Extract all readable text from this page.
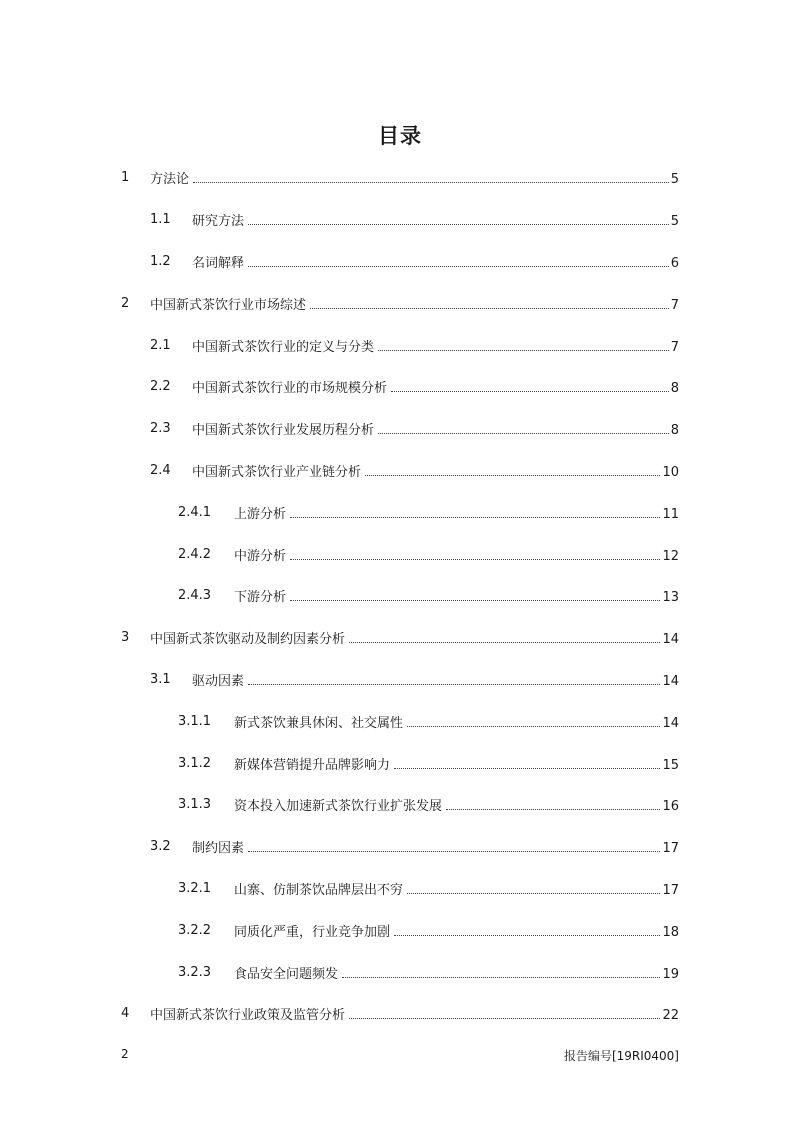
目录
1 方法论	5
1.1 研究方法	5
1.2 名词解释	6
2 中国新式茶饮行业市场综述	7
2.1 中国新式茶饮行业的定义与分类	7
2.2 中国新式茶饮行业的市场规模分析	8
2.3 中国新式茶饮行业发展历程分析	8
2.4 中国新式茶饮行业产业链分析	10
2.4.1 上游分析	11
2.4.2 中游分析	12
2.4.3 下游分析	13
3 中国新式茶饮驱动及制约因素分析	14
3.1 驱动因素	14
3.1.1 新式茶饮兼具休闲、社交属性	14
3.1.2 新媒体营销提升品牌影响力	15
3.1.3 资本投入加速新式茶饮行业扩张发展	16
3.2 制约因素	17
3.2.1 山寨、仿制茶饮品牌层出不穷	17
3.2.2 同质化严重，行业竞争加剧	18
3.2.3 食品安全问题频发	19
4 中国新式茶饮行业政策及监管分析	22
2	报告编号[19RI0400]
